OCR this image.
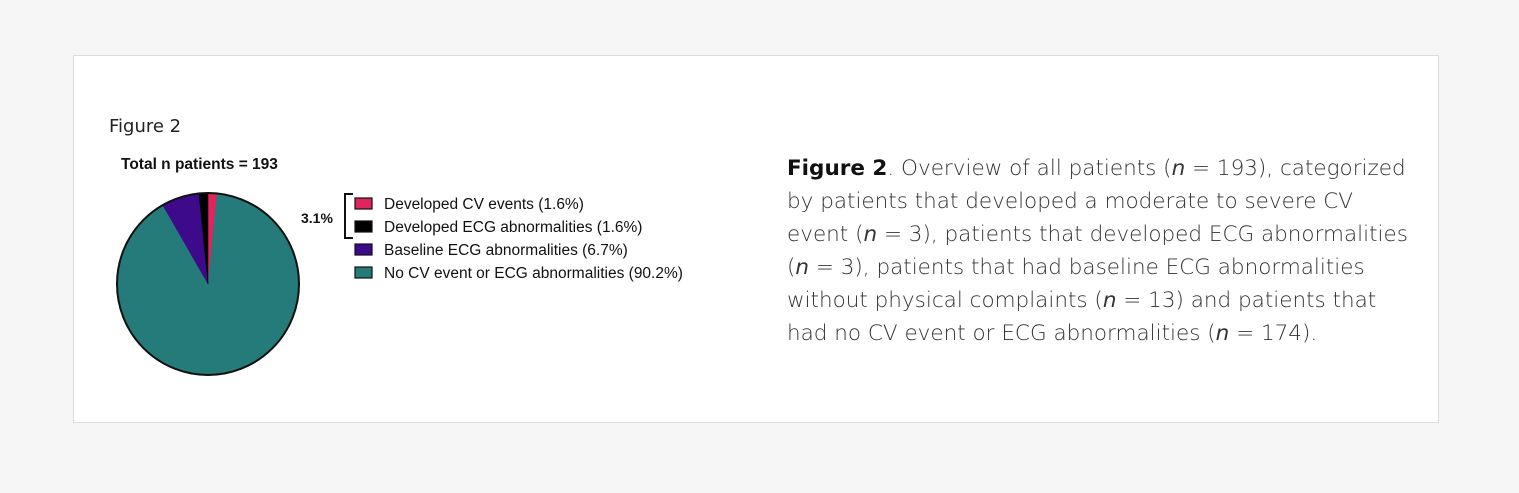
Figure 2
Total n patients = 193
3.1%
Developed CV events (1.6%)
Developed ECG abnormalities (1.6%)
Baseline ECG abnormalities (6.7%)
No CV event or ECG abnormalities (90.2%)
Figure 2. Overview of all patients (n = 193), categorized by patients that developed a moderate to severe CV event (n = 3), patients that developed ECG abnormalities (n = 3), patients that had baseline ECG abnormalities without physical complaints (n = 13) and patients that had no CV event or ECG abnormalities (n = 174).
